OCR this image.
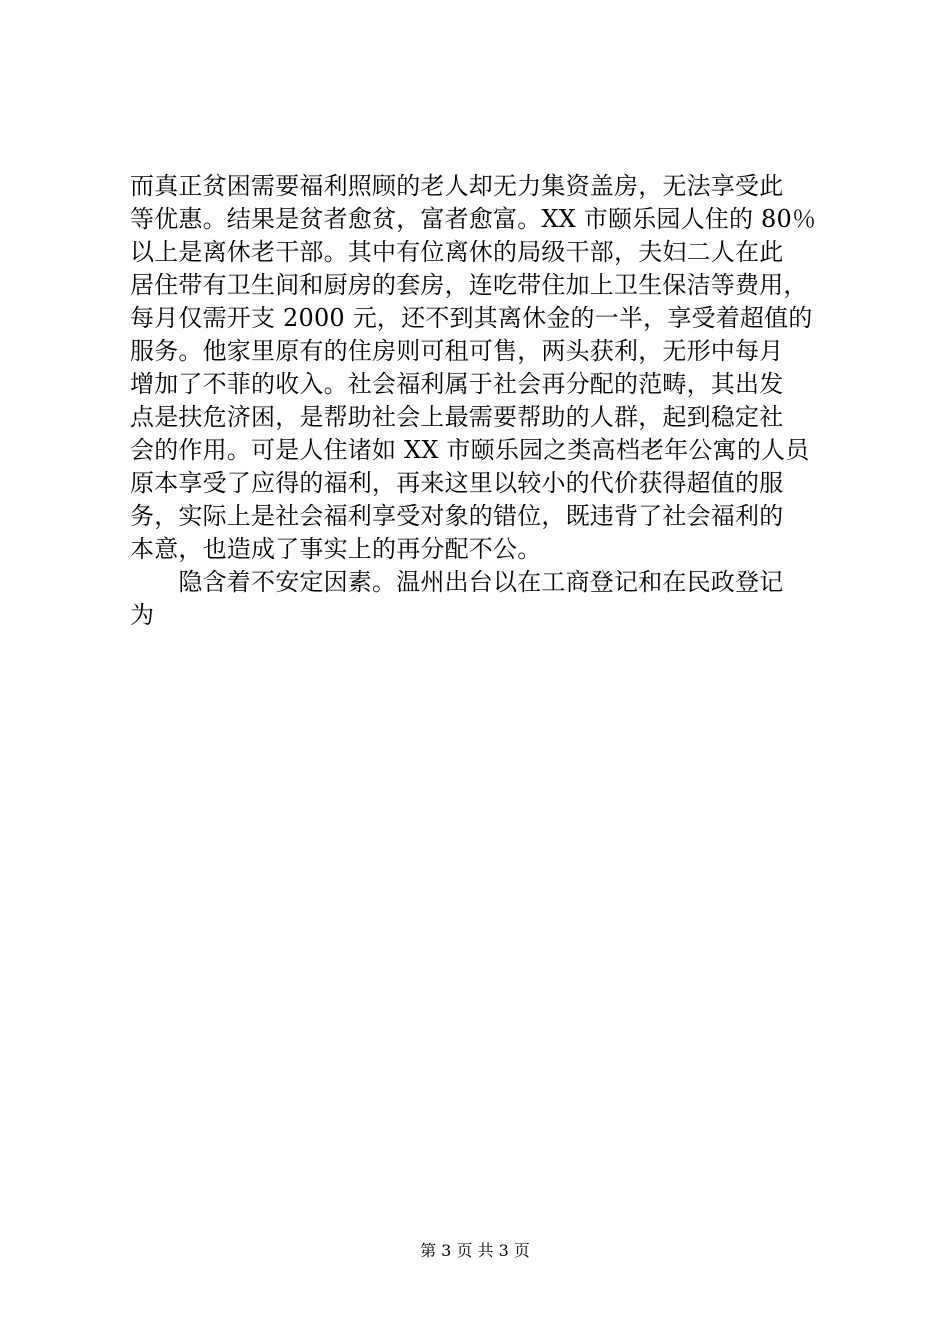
而真正贫困需要福利照顾的老人却无力集资盖房，无法享受此
等优惠。结果是贫者愈贫，富者愈富。XX 市颐乐园人住的 80％
以上是离休老干部。其中有位离休的局级干部，夫妇二人在此
居住带有卫生间和厨房的套房，连吃带住加上卫生保洁等费用，
每月仅需开支 2000 元，还不到其离休金的一半，享受着超值的
服务。他家里原有的住房则可租可售，两头获利，无形中每月
增加了不菲的收入。社会福利属于社会再分配的范畴，其出发
点是扶危济困，是帮助社会上最需要帮助的人群，起到稳定社
会的作用。可是人住诸如 XX 市颐乐园之类高档老年公寓的人员
原本享受了应得的福利，再来这里以较小的代价获得超值的服
务，实际上是社会福利享受对象的错位，既违背了社会福利的
本意，也造成了事实上的再分配不公。
　　隐含着不安定因素。温州出台以在工商登记和在民政登记
为
第 3 页 共 3 页
